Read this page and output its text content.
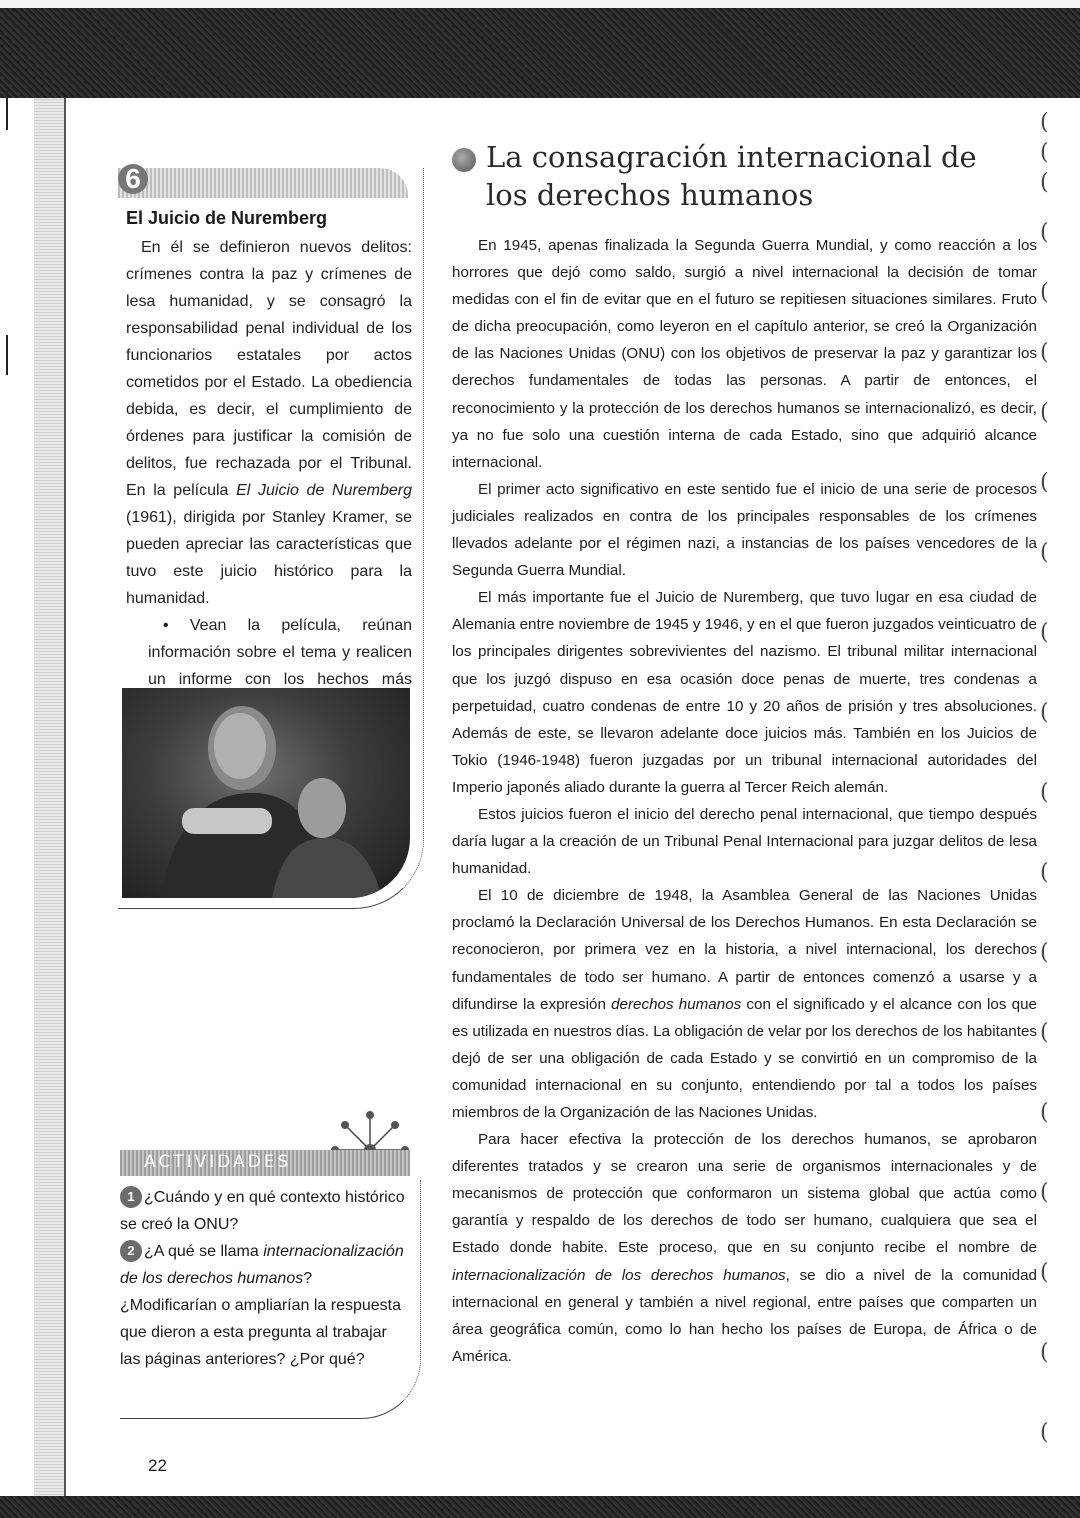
(
(
(
(
(
(
(
(
(
(
(
(
(
(
(
(
(
(
(
(
6
El Juicio de Nuremberg

En él se definieron nuevos delitos: crímenes contra la paz y crímenes de lesa humanidad, y se consagró la responsabilidad penal individual de los funcionarios estatales por actos cometidos por el Estado. La obediencia debida, es decir, el cumplimiento de órdenes para justificar la comisión de delitos, fue rechazada por el Tribunal. En la película El Juicio de Nuremberg (1961), dirigida por Stanley Kramer, se pueden apreciar las características que tuvo este juicio histórico para la humanidad.

• Vean la película, reúnan información sobre el tema y realicen un informe con los hechos más

ACTIVIDADES
1 ¿Cuándo y en qué contexto histórico se creó la ONU?
2 ¿A qué se llama internacionalización de los derechos humanos? ¿Modificarían o ampliarían la respuesta que dieron a esta pregunta al trabajar las páginas anteriores? ¿Por qué?
22
La consagración internacional de los derechos humanos

En 1945, apenas finalizada la Segunda Guerra Mundial, y como reacción a los horrores que dejó como saldo, surgió a nivel internacional la decisión de tomar medidas con el fin de evitar que en el futuro se repitiesen situaciones similares. Fruto de dicha preocupación, como leyeron en el capítulo anterior, se creó la Organización de las Naciones Unidas (ONU) con los objetivos de preservar la paz y garantizar los derechos fundamentales de todas las personas. A partir de entonces, el reconocimiento y la protección de los derechos humanos se internacionalizó, es decir, ya no fue solo una cuestión interna de cada Estado, sino que adquirió alcance internacional.

El primer acto significativo en este sentido fue el inicio de una serie de procesos judiciales realizados en contra de los principales responsables de los crímenes llevados adelante por el régimen nazi, a instancias de los países vencedores de la Segunda Guerra Mundial.

El más importante fue el Juicio de Nuremberg, que tuvo lugar en esa ciudad de Alemania entre noviembre de 1945 y 1946, y en el que fueron juzgados veinticuatro de los principales dirigentes sobrevivientes del nazismo. El tribunal militar internacional que los juzgó dispuso en esa ocasión doce penas de muerte, tres condenas a perpetuidad, cuatro condenas de entre 10 y 20 años de prisión y tres absoluciones. Además de este, se llevaron adelante doce juicios más. También en los Juicios de Tokio (1946-1948) fueron juzgadas por un tribunal internacional autoridades del Imperio japonés aliado durante la guerra al Tercer Reich alemán.

Estos juicios fueron el inicio del derecho penal internacional, que tiempo después daría lugar a la creación de un Tribunal Penal Internacional para juzgar delitos de lesa humanidad.

El 10 de diciembre de 1948, la Asamblea General de las Naciones Unidas proclamó la Declaración Universal de los Derechos Humanos. En esta Declaración se reconocieron, por primera vez en la historia, a nivel internacional, los derechos fundamentales de todo ser humano. A partir de entonces comenzó a usarse y a difundirse la expresión derechos humanos con el significado y el alcance con los que es utilizada en nuestros días. La obligación de velar por los derechos de los habitantes dejó de ser una obligación de cada Estado y se convirtió en un compromiso de la comunidad internacional en su conjunto, entendiendo por tal a todos los países miembros de la Organización de las Naciones Unidas.

Para hacer efectiva la protección de los derechos humanos, se aprobaron diferentes tratados y se crearon una serie de organismos internacionales y de mecanismos de protección que conformaron un sistema global que actúa como garantía y respaldo de los derechos de todo ser humano, cualquiera que sea el Estado donde habite. Este proceso, que en su conjunto recibe el nombre de internacionalización de los derechos humanos, se dio a nivel de la comunidad internacional en general y también a nivel regional, entre países que comparten un área geográfica común, como lo han hecho los países de Europa, de África o de América.
